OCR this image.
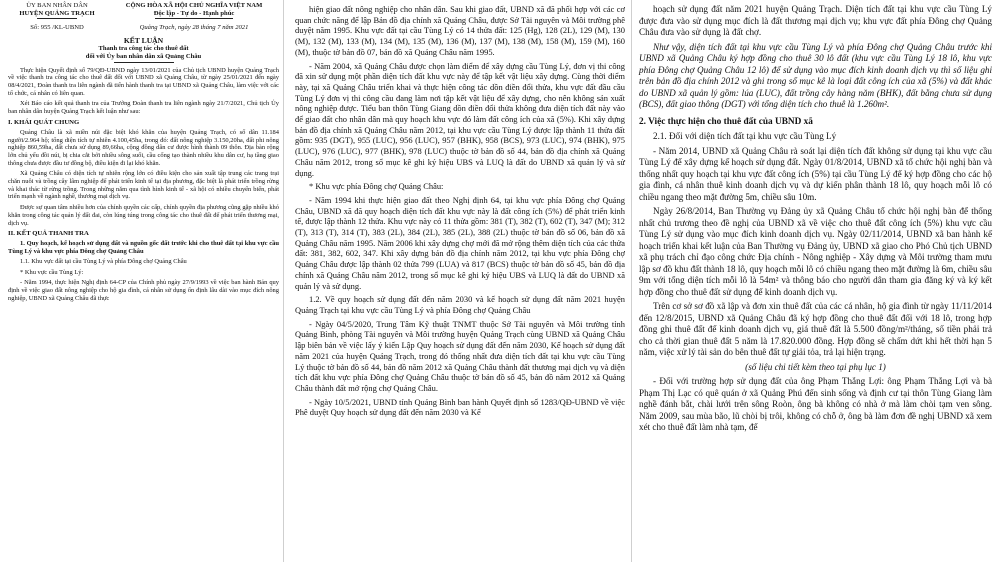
ỦY BAN NHÂN DÂN
HUYỆN QUẢNG TRẠCH
Số: 955 /KL-UBND
CỘNG HÒA XÃ HỘI CHỦ NGHĨA VIỆT NAM
Độc lập - Tự do - Hạnh phúc
Quảng Trạch, ngày 28 tháng 7 năm 2021
KẾT LUẬN
Thanh tra công tác cho thuê đất
đối với Ủy ban nhân dân xã Quảng Châu

Thực hiện Quyết định số 79/QĐ-UBND ngày 13/01/2021 của Chủ tịch UBND huyện Quảng Trạch về việc thanh tra công tác cho thuê đất đối với UBND xã Quảng Châu, từ ngày 25/01/2021 đến ngày 08/4/2021, Đoàn thanh tra liên ngành đã tiến hành thanh tra tại UBND xã Quảng Châu, làm việc với các tổ chức, cá nhân có liên quan.

Xét Báo cáo kết quả thanh tra của Trưởng Đoàn thanh tra liên ngành ngày 21/7/2021, Chủ tịch Ủy ban nhân dân huyện Quảng Trạch kết luận như sau:

I. KHÁI QUÁT CHUNG

Quảng Châu là xã miền núi đặc biệt khó khăn của huyện Quảng Trạch, có số dân 11.184 người/2.964 hộ; tổng diện tích tự nhiên 4.100,45ha, trong đó: đất nông nghiệp 3.150,20ha, đất phi nông nghiệp 860,59ha, đất chưa sử dụng 89,66ha, cộng đồng dân cư được hình thành 09 thôn. Địa bàn rộng lớn chủ yếu đồi núi, bị chia cắt bởi nhiều sông suối, cầu cống tạo thành nhiều khu dân cư, hạ tầng giao thông chưa được đầu tư đồng bộ, điều kiện đi lại khó khăn.

Xã Quảng Châu có diện tích tự nhiên rộng lớn có điều kiện cho sản xuất tập trung các trang trại chăn nuôi và trồng cây lâm nghiệp để phát triển kinh tế tại địa phương, đặc biệt là phát triển trồng rừng và khai thác từ rừng trồng. Trong những năm qua tình hình kinh tế - xã hội có nhiều chuyển biến, phát triển mạnh về ngành nghề, thương mại dịch vụ.

Được sự quan tâm nhiều hơn của chính quyền các cấp, chính quyền địa phương cũng gặp nhiều khó khăn trong công tác quản lý đất đai, còn lúng túng trong công tác cho thuê đất để phát triển thương mại, dịch vụ.

II. KẾT QUẢ THANH TRA
1. Quy hoạch, kế hoạch sử dụng đất và nguồn gốc đất trước khi cho thuê đất tại khu vực cầu Tùng Lý và khu vực phía Đông chợ Quảng Châu

1.1. Khu vực đất tại cầu Tùng Lý và phía Đông chợ Quảng Châu

* Khu vực cầu Tùng Lý:

- Năm 1994, thực hiện Nghị định 64-CP của Chính phủ ngày 27/9/1993 về việc ban hành Bản quy định về việc giao đất nông nghiệp cho hộ gia đình, cá nhân sử dụng ổn định lâu dài vào mục đích nông nghiệp, UBND xã Quảng Châu đã thực

hiện giao đất nông nghiệp cho nhân dân. Sau khi giao đất, UBND xã đã phối hợp với các cơ quan chức năng để lập Bản đồ địa chính xã Quảng Châu, được Sở Tài nguyên và Môi trường phê duyệt năm 1995. Khu vực đất tại cầu Tùng Lý có 14 thửa đất: 125 (Hg), 128 (2L), 129 (M), 130 (M), 132 (M), 133 (M), 134 (M), 135 (M), 136 (M), 137 (M), 138 (M), 158 (M), 159 (M), 160 (M), thuộc tờ bản đồ 07, bản đồ xã Quảng Châu năm 1995.

- Năm 2004, xã Quảng Châu được chọn làm điểm để xây dựng cầu Tùng Lý, đơn vị thi công đã xin sử dụng một phần diện tích đất khu vực này để tập kết vật liệu xây dựng. Cùng thời điểm này, tại xã Quảng Châu triển khai và thực hiện công tác dồn điền đổi thửa, khu vực đất đầu cầu Tùng Lý đơn vị thi công cầu đang làm nơi tập kết vật liệu để xây dựng, cho nên không sản xuất nông nghiệp được. Tiểu ban thôn Tùng Giang dồn điền đổi thửa không đưa diện tích đất này vào để giao đất cho nhân dân mà quy hoạch khu vực đó làm đất công ích của xã (5%). Khi xây dựng bản đồ địa chính xã Quảng Châu năm 2012, tại khu vực cầu Tùng Lý được lập thành 11 thửa đất gồm: 935 (DGT), 955 (LUC), 956 (LUC), 957 (BHK), 958 (BCS), 973 (LUC), 974 (BHK), 975 (LUC), 976 (LUC), 977 (BHK), 978 (LUC) thuộc tờ bản đồ số 44, bản đồ địa chính xã Quảng Châu năm 2012, trong sổ mục kê ghi ký hiệu UBS và LUQ là đất do UBND xã quản lý và sử dụng.

* Khu vực phía Đông chợ Quảng Châu:

- Năm 1994 khi thực hiện giao đất theo Nghị định 64, tại khu vực phía Đông chợ Quảng Châu, UBND xã đã quy hoạch diện tích đất khu vực này là đất công ích (5%) để phát triển kinh tế, được lập thành 12 thửa. Khu vực này có 11 thửa gồm: 381 (T), 382 (T), 602 (T), 347 (M); 312 (T), 313 (T), 314 (T), 383 (2L), 384 (2L), 385 (2L), 388 (2L) thuộc tờ bản đồ số 06, bản đồ xã Quảng Châu năm 1995. Năm 2006 khi xây dựng chợ mới đã mở rộng thêm diện tích của các thửa đất: 381, 382, 602, 347. Khi xây dựng bản đồ địa chính năm 2012, tại khu vực phía Đông chợ Quảng Châu được lập thành 02 thửa 799 (LUA) và 817 (BCS) thuộc tờ bản đồ số 45, bản đồ địa chính xã Quảng Châu năm 2012, trong sổ mục kê ghi ký hiệu UBS và LUQ là đất do UBND xã quản lý và sử dụng.

1.2. Về quy hoạch sử dụng đất đến năm 2030 và kế hoạch sử dụng đất năm 2021 huyện Quảng Trạch tại khu vực cầu Tùng Lý và phía Đông chợ Quảng Châu

- Ngày 04/5/2020, Trung Tâm Kỹ thuật TNMT thuộc Sở Tài nguyên và Môi trường tỉnh Quảng Bình, phòng Tài nguyên và Môi trường huyện Quảng Trạch cùng UBND xã Quảng Châu lập biên bản về việc lấy ý kiến Lập Quy hoạch sử dụng đất đến năm 2030, Kế hoạch sử dụng đất năm 2021 của huyện Quảng Trạch, trong đó thống nhất đưa diện tích đất tại khu vực cầu Tùng Lý thuộc tờ bản đồ số 44, bản đồ năm 2012 xã Quảng Châu thành đất thương mại dịch vụ và diện tích đất khu vực phía Đông chợ Quảng Châu thuộc tờ bản đồ số 45, bản đồ năm 2012 xã Quảng Châu thành đất mở rộng chợ Quảng Châu.

- Ngày 10/5/2021, UBND tỉnh Quảng Bình ban hành Quyết định số 1283/QĐ-UBND về việc Phê duyệt Quy hoạch sử dụng đất đến năm 2030 và Kế

hoạch sử dụng đất năm 2021 huyện Quảng Trạch. Diện tích đất tại khu vực cầu Tùng Lý được đưa vào sử dụng mục đích là đất thương mại dịch vụ; khu vực đất phía Đông chợ Quảng Châu đưa vào sử dụng là đất chợ.

Như vậy, diện tích đất tại khu vực cầu Tùng Lý và phía Đông chợ Quảng Châu trước khi UBND xã Quảng Châu ký hợp đồng cho thuê 30 lô đất (khu vực cầu Tùng Lý 18 lô, khu vực phía Đông chợ Quảng Châu 12 lô) để sử dụng vào mục đích kinh doanh dịch vụ thì số liệu ghi trên bản đồ địa chính 2012 và ghi trong sổ mục kê là loại đất công ích của xã (5%) và đất khác do UBND xã quản lý gồm: lúa (LUC), đất trồng cây hàng năm (BHK), đất bằng chưa sử dụng (BCS), đất giao thông (DGT) với tổng diện tích cho thuê là 1.260m².

2. Việc thực hiện cho thuê đất của UBND xã

2.1. Đối với diện tích đất tại khu vực cầu Tùng Lý

- Năm 2014, UBND xã Quảng Châu rà soát lại diện tích đất không sử dụng tại khu vực cầu Tùng Lý để xây dựng kế hoạch sử dụng đất. Ngày 01/8/2014, UBND xã tổ chức hội nghị bàn và thống nhất quy hoạch tại khu vực đất công ích (5%) tại cầu Tùng Lý để ký hợp đồng cho các hộ gia đình, cá nhân thuê kinh doanh dịch vụ và dự kiến phân thành 18 lô, quy hoạch mỗi lô có chiều ngang theo mặt đường 5m, chiều sâu 10m.

Ngày 26/8/2014, Ban Thường vụ Đảng ủy xã Quảng Châu tổ chức hội nghị bàn để thống nhất chủ trương theo đề nghị của UBND xã về việc cho thuê đất công ích (5%) khu vực cầu Tùng Lý sử dụng vào mục đích kinh doanh dịch vụ. Ngày 02/11/2014, UBND xã ban hành kế hoạch triển khai kết luận của Ban Thường vụ Đảng ủy, UBND xã giao cho Phó Chủ tịch UBND xã phụ trách chỉ đạo công chức Địa chính - Nông nghiệp - Xây dựng và Môi trường tham mưu lập sơ đồ khu đất thành 18 lô, quy hoạch mỗi lô có chiều ngang theo mặt đường là 6m, chiều sâu 9m với tổng diện tích mỗi lô là 54m² và thông báo cho người dân tham gia đăng ký và ký kết hợp đồng cho thuê đất sử dụng để kinh doanh dịch vụ.

Trên cơ sở sơ đồ xã lập và đơn xin thuê đất của các cá nhân, hộ gia đình từ ngày 11/11/2014 đến 12/8/2015, UBND xã Quảng Châu đã ký hợp đồng cho thuê đất đối với 18 lô, trong hợp đồng ghi thuê đất để kinh doanh dịch vụ, giá thuê đất là 5.500 đồng/m²/tháng, số tiền phải trả cho cả thời gian thuê đất 5 năm là 17.820.000 đồng. Hợp đồng sẽ chấm dứt khi hết thời hạn 5 năm, việc xử lý tài sản do bên thuê đất tự giải tỏa, trả lại hiện trạng.

(số liệu chi tiết kèm theo tại phụ lục 1)

- Đối với trường hợp sử dụng đất của ông Phạm Thắng Lợi: ông Phạm Thắng Lợi và bà Phạm Thị Lạc có quê quán ở xã Quảng Phú đến sinh sống và định cư tại thôn Tùng Giang làm nghề đánh bắt, chài lưới trên sông Roòn, ông bà không có nhà ở mà làm chòi tạm ven sông. Năm 2009, sau mùa bão, lũ chòi bị trôi, không có chỗ ở, ông bà làm đơn đề nghị UBND xã xem xét cho thuê đất làm nhà tạm, để
